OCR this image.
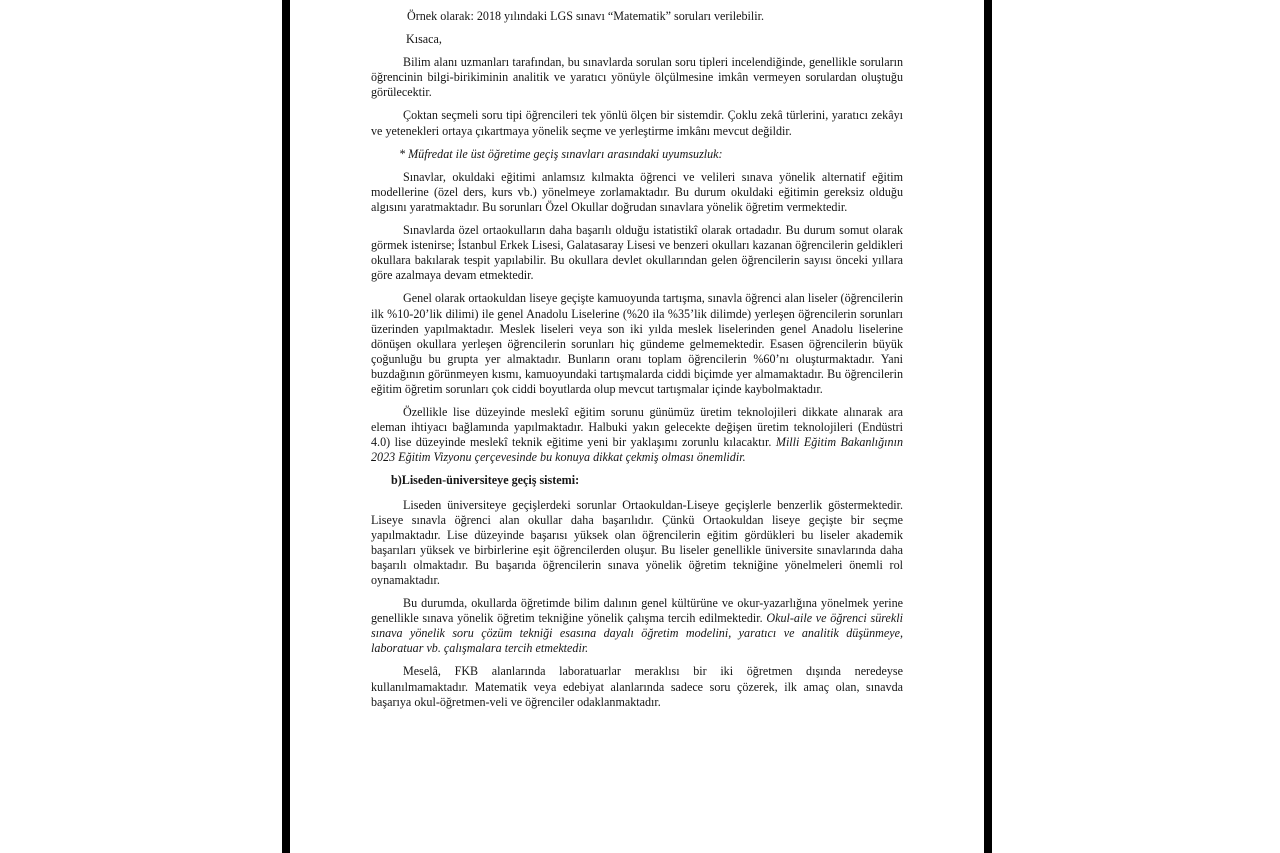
Örnek olarak: 2018 yılındaki LGS sınavı “Matematik” soruları verilebilir.

Kısaca,

Bilim alanı uzmanları tarafından, bu sınavlarda sorulan soru tipleri incelendiğinde, genellikle soruların öğrencinin bilgi-birikiminin analitik ve yaratıcı yönüyle ölçülmesine imkân vermeyen sorulardan oluştuğu görülecektir.

Çoktan seçmeli soru tipi öğrencileri tek yönlü ölçen bir sistemdir. Çoklu zekâ türlerini, yaratıcı zekâyı ve yetenekleri ortaya çıkartmaya yönelik seçme ve yerleştirme imkânı mevcut değildir.

* Müfredat ile üst öğretime geçiş sınavları arasındaki uyumsuzluk:

Sınavlar, okuldaki eğitimi anlamsız kılmakta öğrenci ve velileri sınava yönelik alternatif eğitim modellerine (özel ders, kurs vb.) yönelmeye zorlamaktadır. Bu durum okuldaki eğitimin gereksiz olduğu algısını yaratmaktadır. Bu sorunları Özel Okullar doğrudan sınavlara yönelik öğretim vermektedir.

Sınavlarda özel ortaokulların daha başarılı olduğu istatistikî olarak ortadadır. Bu durum somut olarak görmek istenirse; İstanbul Erkek Lisesi, Galatasaray Lisesi ve benzeri okulları kazanan öğrencilerin geldikleri okullara bakılarak tespit yapılabilir. Bu okullara devlet okullarından gelen öğrencilerin sayısı önceki yıllara göre azalmaya devam etmektedir.

Genel olarak ortaokuldan liseye geçişte kamuoyunda tartışma, sınavla öğrenci alan liseler (öğrencilerin ilk %10-20’lik dilimi) ile genel Anadolu Liselerine (%20 ila %35’lik dilimde) yerleşen öğrencilerin sorunları üzerinden yapılmaktadır. Meslek liseleri veya son iki yılda meslek liselerinden genel Anadolu liselerine dönüşen okullara yerleşen öğrencilerin sorunları hiç gündeme gelmemektedir. Esasen öğrencilerin büyük çoğunluğu bu grupta yer almaktadır. Bunların oranı toplam öğrencilerin %60’nı oluşturmaktadır. Yani buzdağının görünmeyen kısmı, kamuoyundaki tartışmalarda ciddi biçimde yer almamaktadır. Bu öğrencilerin eğitim öğretim sorunları çok ciddi boyutlarda olup mevcut tartışmalar içinde kaybolmaktadır.

Özellikle lise düzeyinde meslekî eğitim sorunu günümüz üretim teknolojileri dikkate alınarak ara eleman ihtiyacı bağlamında yapılmaktadır. Halbuki yakın gelecekte değişen üretim teknolojileri (Endüstri 4.0) lise düzeyinde meslekî teknik eğitime yeni bir yaklaşımı zorunlu kılacaktır. Milli Eğitim Bakanlığının 2023 Eğitim Vizyonu çerçevesinde bu konuya dikkat çekmiş olması önemlidir.

b)Liseden-üniversiteye geçiş sistemi:

Liseden üniversiteye geçişlerdeki sorunlar Ortaokuldan-Liseye geçişlerle benzerlik göstermektedir. Liseye sınavla öğrenci alan okullar daha başarılıdır. Çünkü Ortaokuldan liseye geçişte bir seçme yapılmaktadır. Lise düzeyinde başarısı yüksek olan öğrencilerin eğitim gördükleri bu liseler akademik başarıları yüksek ve birbirlerine eşit öğrencilerden oluşur. Bu liseler genellikle üniversite sınavlarında daha başarılı olmaktadır. Bu başarıda öğrencilerin sınava yönelik öğretim tekniğine yönelmeleri önemli rol oynamaktadır.

Bu durumda, okullarda öğretimde bilim dalının genel kültürüne ve okur-yazarlığına yönelmek yerine genellikle sınava yönelik öğretim tekniğine yönelik çalışma tercih edilmektedir. Okul-aile ve öğrenci sürekli sınava yönelik soru çözüm tekniği esasına dayalı öğretim modelini, yaratıcı ve analitik düşünmeye, laboratuar vb. çalışmalara tercih etmektedir.

Meselâ, FKB alanlarında laboratuarlar meraklısı bir iki öğretmen dışında neredeyse kullanılmamaktadır. Matematik veya edebiyat alanlarında sadece soru çözerek, ilk amaç olan, sınavda başarıya okul-öğretmen-veli ve öğrenciler odaklanmaktadır.
